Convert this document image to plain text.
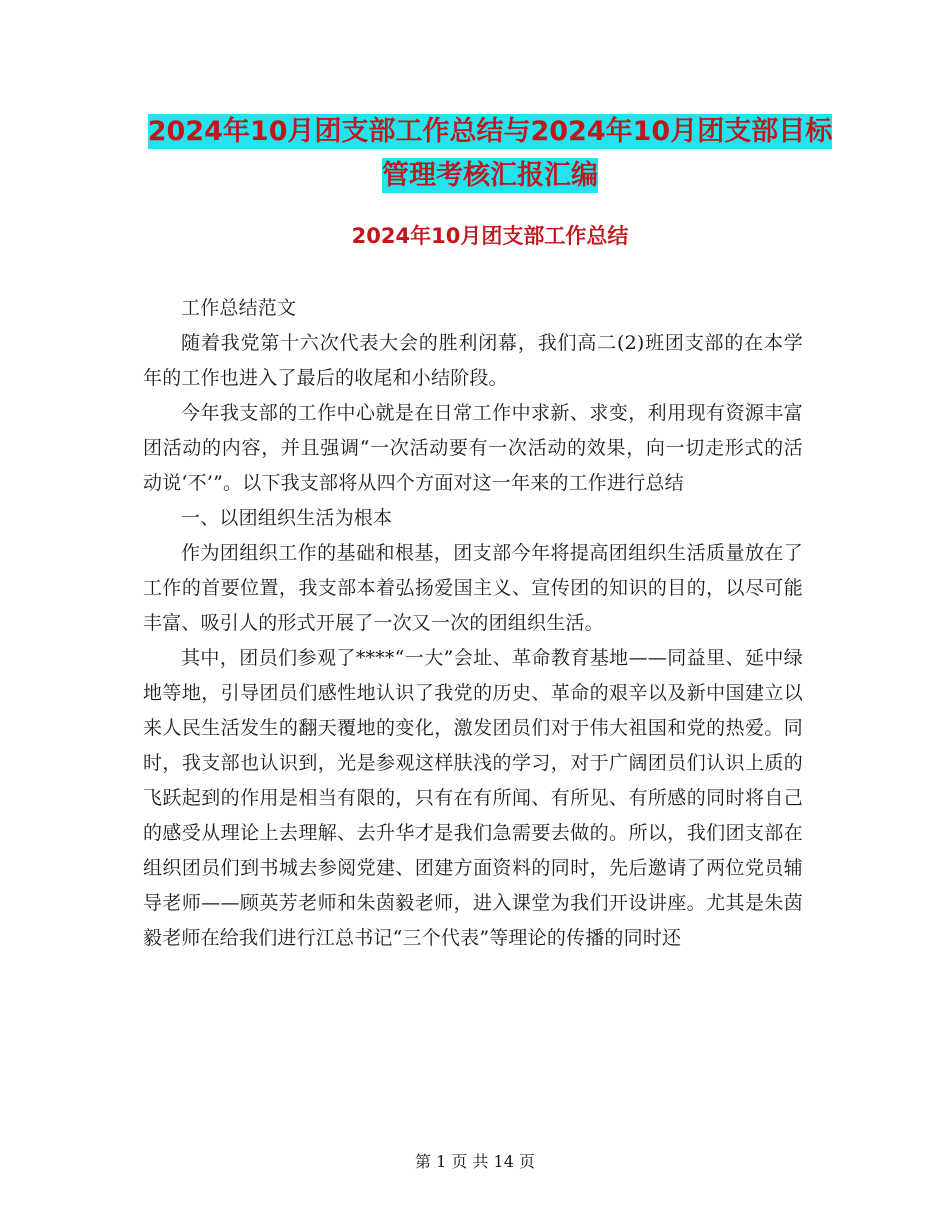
2024年10月团支部工作总结与2024年10月团支部目标管理考核汇报汇编
2024年10月团支部工作总结

工作总结范文

随着我党第十六次代表大会的胜利闭幕，我们高二(2)班团支部的在本学年的工作也进入了最后的收尾和小结阶段。

今年我支部的工作中心就是在日常工作中求新、求变，利用现有资源丰富团活动的内容，并且强调“一次活动要有一次活动的效果，向一切走形式的活动说‘不’”。以下我支部将从四个方面对这一年来的工作进行总结

一、以团组织生活为根本

作为团组织工作的基础和根基，团支部今年将提高团组织生活质量放在了工作的首要位置，我支部本着弘扬爱国主义、宣传团的知识的目的，以尽可能丰富、吸引人的形式开展了一次又一次的团组织生活。

其中，团员们参观了****“一大”会址、革命教育基地——同益里、延中绿地等地，引导团员们感性地认识了我党的历史、革命的艰辛以及新中国建立以来人民生活发生的翻天覆地的变化，激发团员们对于伟大祖国和党的热爱。同时，我支部也认识到，光是参观这样肤浅的学习，对于广阔团员们认识上质的飞跃起到的作用是相当有限的，只有在有所闻、有所见、有所感的同时将自己的感受从理论上去理解、去升华才是我们急需要去做的。所以，我们团支部在组织团员们到书城去参阅党建、团建方面资料的同时，先后邀请了两位党员辅导老师——顾英芳老师和朱茵毅老师，进入课堂为我们开设讲座。尤其是朱茵毅老师在给我们进行江总书记“三个代表”等理论的传播的同时还

第 1 页 共 14 页
